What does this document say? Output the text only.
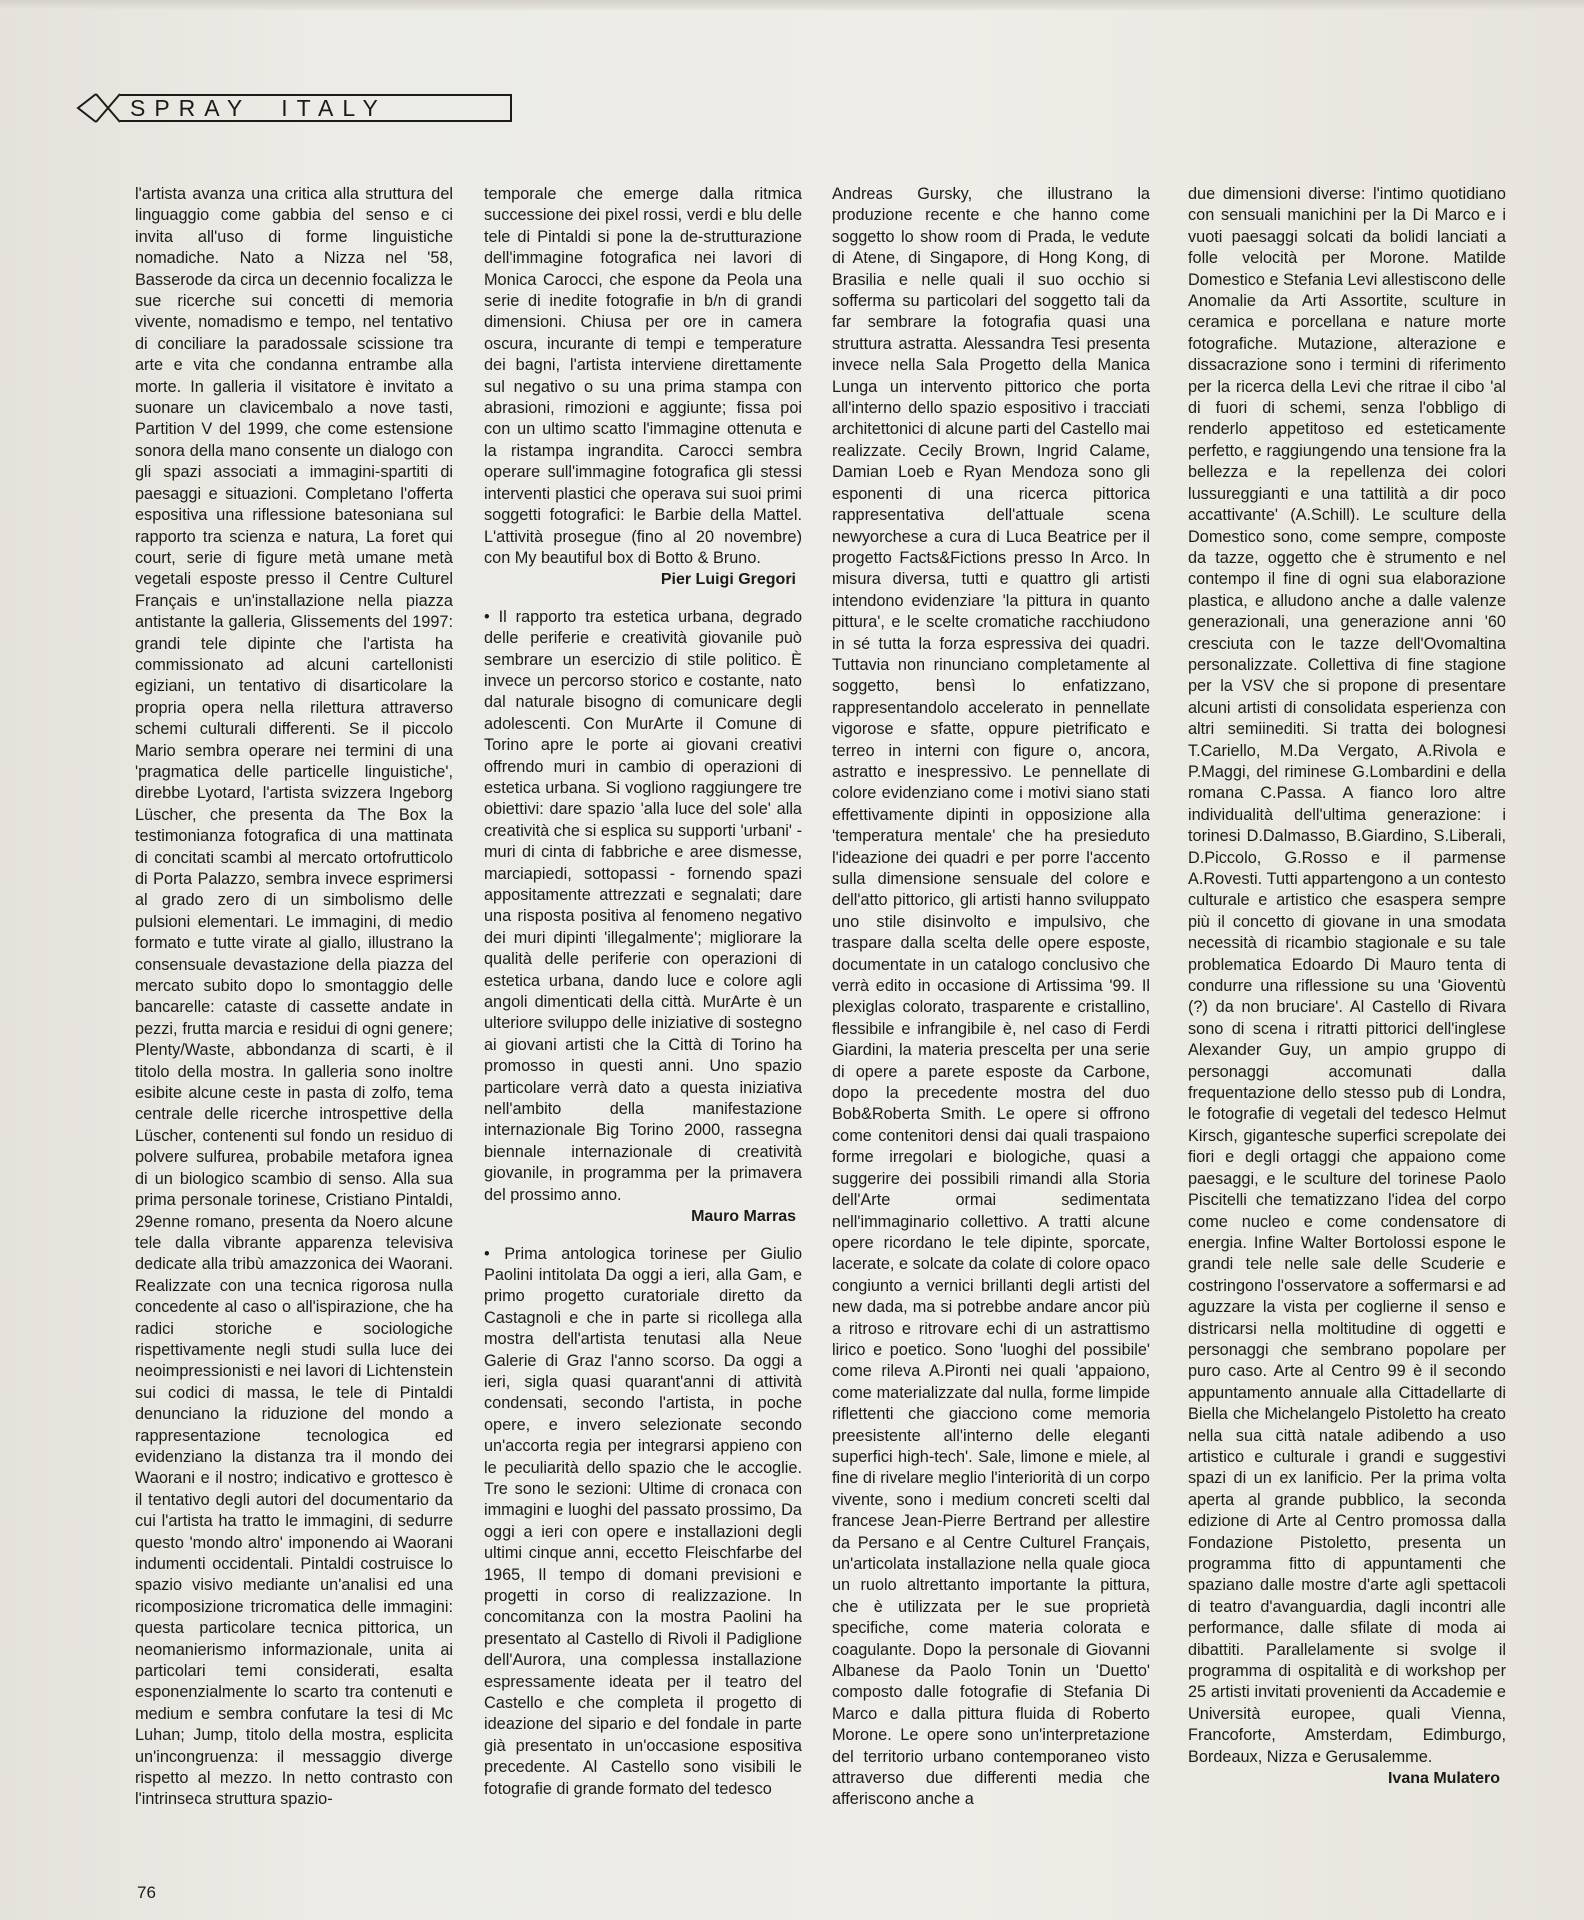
SPRAY ITALY

l'artista avanza una critica alla struttura del linguaggio come gabbia del senso e ci invita all'uso di forme linguistiche nomadiche. Nato a Nizza nel '58, Basserode da circa un decennio focalizza le sue ricerche sui concetti di memoria vivente, nomadismo e tempo, nel tentativo di conciliare la paradossale scissione tra arte e vita che condanna entrambe alla morte. In galleria il visitatore è invitato a suonare un clavicembalo a nove tasti, Partition V del 1999, che come estensione sonora della mano consente un dialogo con gli spazi associati a immagini-spartiti di paesaggi e situazioni. Completano l'offerta espositiva una riflessione batesoniana sul rapporto tra scienza e natura, La foret qui court, serie di figure metà umane metà vegetali esposte presso il Centre Culturel Français e un'installazione nella piazza antistante la galleria, Glissements del 1997: grandi tele dipinte che l'artista ha commissionato ad alcuni cartellonisti egiziani, un tentativo di disarticolare la propria opera nella rilettura attraverso schemi culturali differenti. Se il piccolo Mario sembra operare nei termini di una 'pragmatica delle particelle linguistiche', direbbe Lyotard, l'artista svizzera Ingeborg Lüscher, che presenta da The Box la testimonianza fotografica di una mattinata di concitati scambi al mercato ortofrutticolo di Porta Palazzo, sembra invece esprimersi al grado zero di un simbolismo delle pulsioni elementari. Le immagini, di medio formato e tutte virate al giallo, illustrano la consensuale devastazione della piazza del mercato subito dopo lo smontaggio delle bancarelle: cataste di cassette andate in pezzi, frutta marcia e residui di ogni genere; Plenty/Waste, abbondanza di scarti, è il titolo della mostra. In galleria sono inoltre esibite alcune ceste in pasta di zolfo, tema centrale delle ricerche introspettive della Lüscher, contenenti sul fondo un residuo di polvere sulfurea, probabile metafora ignea di un biologico scambio di senso. Alla sua prima personale torinese, Cristiano Pintaldi, 29enne romano, presenta da Noero alcune tele dalla vibrante apparenza televisiva dedicate alla tribù amazzonica dei Waorani. Realizzate con una tecnica rigorosa nulla concedente al caso o all'ispirazione, che ha radici storiche e sociologiche rispettivamente negli studi sulla luce dei neoimpressionisti e nei lavori di Lichtenstein sui codici di massa, le tele di Pintaldi denunciano la riduzione del mondo a rappresentazione tecnologica ed evidenziano la distanza tra il mondo dei Waorani e il nostro; indicativo e grottesco è il tentativo degli autori del documentario da cui l'artista ha tratto le immagini, di sedurre questo 'mondo altro' imponendo ai Waorani indumenti occidentali. Pintaldi costruisce lo spazio visivo mediante un'analisi ed una ricomposizione tricromatica delle immagini: questa particolare tecnica pittorica, un neomanierismo informazionale, unita ai particolari temi considerati, esalta esponenzialmente lo scarto tra contenuti e medium e sembra confutare la tesi di Mc Luhan; Jump, titolo della mostra, esplicita un'incongruenza: il messaggio diverge rispetto al mezzo. In netto contrasto con l'intrinseca struttura spazio-

temporale che emerge dalla ritmica successione dei pixel rossi, verdi e blu delle tele di Pintaldi si pone la de-strutturazione dell'immagine fotografica nei lavori di Monica Carocci, che espone da Peola una serie di inedite fotografie in b/n di grandi dimensioni. Chiusa per ore in camera oscura, incurante di tempi e temperature dei bagni, l'artista interviene direttamente sul negativo o su una prima stampa con abrasioni, rimozioni e aggiunte; fissa poi con un ultimo scatto l'immagine ottenuta e la ristampa ingrandita. Carocci sembra operare sull'immagine fotografica gli stessi interventi plastici che operava sui suoi primi soggetti fotografici: le Barbie della Mattel. L'attività prosegue (fino al 20 novembre) con My beautiful box di Botto & Bruno.

Pier Luigi Gregori

• Il rapporto tra estetica urbana, degrado delle periferie e creatività giovanile può sembrare un esercizio di stile politico. È invece un percorso storico e costante, nato dal naturale bisogno di comunicare degli adolescenti. Con MurArte il Comune di Torino apre le porte ai giovani creativi offrendo muri in cambio di operazioni di estetica urbana. Si vogliono raggiungere tre obiettivi: dare spazio 'alla luce del sole' alla creatività che si esplica su supporti 'urbani' - muri di cinta di fabbriche e aree dismesse, marciapiedi, sottopassi - fornendo spazi appositamente attrezzati e segnalati; dare una risposta positiva al fenomeno negativo dei muri dipinti 'illegalmente'; migliorare la qualità delle periferie con operazioni di estetica urbana, dando luce e colore agli angoli dimenticati della città. MurArte è un ulteriore sviluppo delle iniziative di sostegno ai giovani artisti che la Città di Torino ha promosso in questi anni. Uno spazio particolare verrà dato a questa iniziativa nell'ambito della manifestazione internazionale Big Torino 2000, rassegna biennale internazionale di creatività giovanile, in programma per la primavera del prossimo anno.

Mauro Marras

• Prima antologica torinese per Giulio Paolini intitolata Da oggi a ieri, alla Gam, e primo progetto curatoriale diretto da Castagnoli e che in parte si ricollega alla mostra dell'artista tenutasi alla Neue Galerie di Graz l'anno scorso. Da oggi a ieri, sigla quasi quarant'anni di attività condensati, secondo l'artista, in poche opere, e invero selezionate secondo un'accorta regia per integrarsi appieno con le peculiarità dello spazio che le accoglie. Tre sono le sezioni: Ultime di cronaca con immagini e luoghi del passato prossimo, Da oggi a ieri con opere e installazioni degli ultimi cinque anni, eccetto Fleischfarbe del 1965, Il tempo di domani previsioni e progetti in corso di realizzazione. In concomitanza con la mostra Paolini ha presentato al Castello di Rivoli il Padiglione dell'Aurora, una complessa installazione espressamente ideata per il teatro del Castello e che completa il progetto di ideazione del sipario e del fondale in parte già presentato in un'occasione espositiva precedente. Al Castello sono visibili le fotografie di grande formato del tedesco

Andreas Gursky, che illustrano la produzione recente e che hanno come soggetto lo show room di Prada, le vedute di Atene, di Singapore, di Hong Kong, di Brasilia e nelle quali il suo occhio si sofferma su particolari del soggetto tali da far sembrare la fotografia quasi una struttura astratta. Alessandra Tesi presenta invece nella Sala Progetto della Manica Lunga un intervento pittorico che porta all'interno dello spazio espositivo i tracciati architettonici di alcune parti del Castello mai realizzate. Cecily Brown, Ingrid Calame, Damian Loeb e Ryan Mendoza sono gli esponenti di una ricerca pittorica rappresentativa dell'attuale scena newyorchese a cura di Luca Beatrice per il progetto Facts&Fictions presso In Arco. In misura diversa, tutti e quattro gli artisti intendono evidenziare 'la pittura in quanto pittura', e le scelte cromatiche racchiudono in sé tutta la forza espressiva dei quadri. Tuttavia non rinunciano completamente al soggetto, bensì lo enfatizzano, rappresentandolo accelerato in pennellate vigorose e sfatte, oppure pietrificato e terreo in interni con figure o, ancora, astratto e inespressivo. Le pennellate di colore evidenziano come i motivi siano stati effettivamente dipinti in opposizione alla 'temperatura mentale' che ha presieduto l'ideazione dei quadri e per porre l'accento sulla dimensione sensuale del colore e dell'atto pittorico, gli artisti hanno sviluppato uno stile disinvolto e impulsivo, che traspare dalla scelta delle opere esposte, documentate in un catalogo conclusivo che verrà edito in occasione di Artissima '99. Il plexiglas colorato, trasparente e cristallino, flessibile e infrangibile è, nel caso di Ferdi Giardini, la materia prescelta per una serie di opere a parete esposte da Carbone, dopo la precedente mostra del duo Bob&Roberta Smith. Le opere si offrono come contenitori densi dai quali traspaiono forme irregolari e biologiche, quasi a suggerire dei possibili rimandi alla Storia dell'Arte ormai sedimentata nell'immaginario collettivo. A tratti alcune opere ricordano le tele dipinte, sporcate, lacerate, e solcate da colate di colore opaco congiunto a vernici brillanti degli artisti del new dada, ma si potrebbe andare ancor più a ritroso e ritrovare echi di un astrattismo lirico e poetico. Sono 'luoghi del possibile' come rileva A.Pironti nei quali 'appaiono, come materializzate dal nulla, forme limpide riflettenti che giacciono come memoria preesistente all'interno delle eleganti superfici high-tech'. Sale, limone e miele, al fine di rivelare meglio l'interiorità di un corpo vivente, sono i medium concreti scelti dal francese Jean-Pierre Bertrand per allestire da Persano e al Centre Culturel Français, un'articolata installazione nella quale gioca un ruolo altrettanto importante la pittura, che è utilizzata per le sue proprietà specifiche, come materia colorata e coagulante. Dopo la personale di Giovanni Albanese da Paolo Tonin un 'Duetto' composto dalle fotografie di Stefania Di Marco e dalla pittura fluida di Roberto Morone. Le opere sono un'interpretazione del territorio urbano contemporaneo visto attraverso due differenti media che afferiscono anche a

due dimensioni diverse: l'intimo quotidiano con sensuali manichini per la Di Marco e i vuoti paesaggi solcati da bolidi lanciati a folle velocità per Morone. Matilde Domestico e Stefania Levi allestiscono delle Anomalie da Arti Assortite, sculture in ceramica e porcellana e nature morte fotografiche. Mutazione, alterazione e dissacrazione sono i termini di riferimento per la ricerca della Levi che ritrae il cibo 'al di fuori di schemi, senza l'obbligo di renderlo appetitoso ed esteticamente perfetto, e raggiungendo una tensione fra la bellezza e la repellenza dei colori lussureggianti e una tattilità a dir poco accattivante' (A.Schill). Le sculture della Domestico sono, come sempre, composte da tazze, oggetto che è strumento e nel contempo il fine di ogni sua elaborazione plastica, e alludono anche a dalle valenze generazionali, una generazione anni '60 cresciuta con le tazze dell'Ovomaltina personalizzate. Collettiva di fine stagione per la VSV che si propone di presentare alcuni artisti di consolidata esperienza con altri semiinediti. Si tratta dei bolognesi T.Cariello, M.Da Vergato, A.Rivola e P.Maggi, del riminese G.Lombardini e della romana C.Passa. A fianco loro altre individualità dell'ultima generazione: i torinesi D.Dalmasso, B.Giardino, S.Liberali, D.Piccolo, G.Rosso e il parmense A.Rovesti. Tutti appartengono a un contesto culturale e artistico che esaspera sempre più il concetto di giovane in una smodata necessità di ricambio stagionale e su tale problematica Edoardo Di Mauro tenta di condurre una riflessione su una 'Gioventù (?) da non bruciare'. Al Castello di Rivara sono di scena i ritratti pittorici dell'inglese Alexander Guy, un ampio gruppo di personaggi accomunati dalla frequentazione dello stesso pub di Londra, le fotografie di vegetali del tedesco Helmut Kirsch, gigantesche superfici screpolate dei fiori e degli ortaggi che appaiono come paesaggi, e le sculture del torinese Paolo Piscitelli che tematizzano l'idea del corpo come nucleo e come condensatore di energia. Infine Walter Bortolossi espone le grandi tele nelle sale delle Scuderie e costringono l'osservatore a soffermarsi e ad aguzzare la vista per coglierne il senso e districarsi nella moltitudine di oggetti e personaggi che sembrano popolare per puro caso. Arte al Centro 99 è il secondo appuntamento annuale alla Cittadellarte di Biella che Michelangelo Pistoletto ha creato nella sua città natale adibendo a uso artistico e culturale i grandi e suggestivi spazi di un ex lanificio. Per la prima volta aperta al grande pubblico, la seconda edizione di Arte al Centro promossa dalla Fondazione Pistoletto, presenta un programma fitto di appuntamenti che spaziano dalle mostre d'arte agli spettacoli di teatro d'avanguardia, dagli incontri alle performance, dalle sfilate di moda ai dibattiti. Parallelamente si svolge il programma di ospitalità e di workshop per 25 artisti invitati provenienti da Accademie e Università europee, quali Vienna, Francoforte, Amsterdam, Edimburgo, Bordeaux, Nizza e Gerusalemme.

Ivana Mulatero
76
